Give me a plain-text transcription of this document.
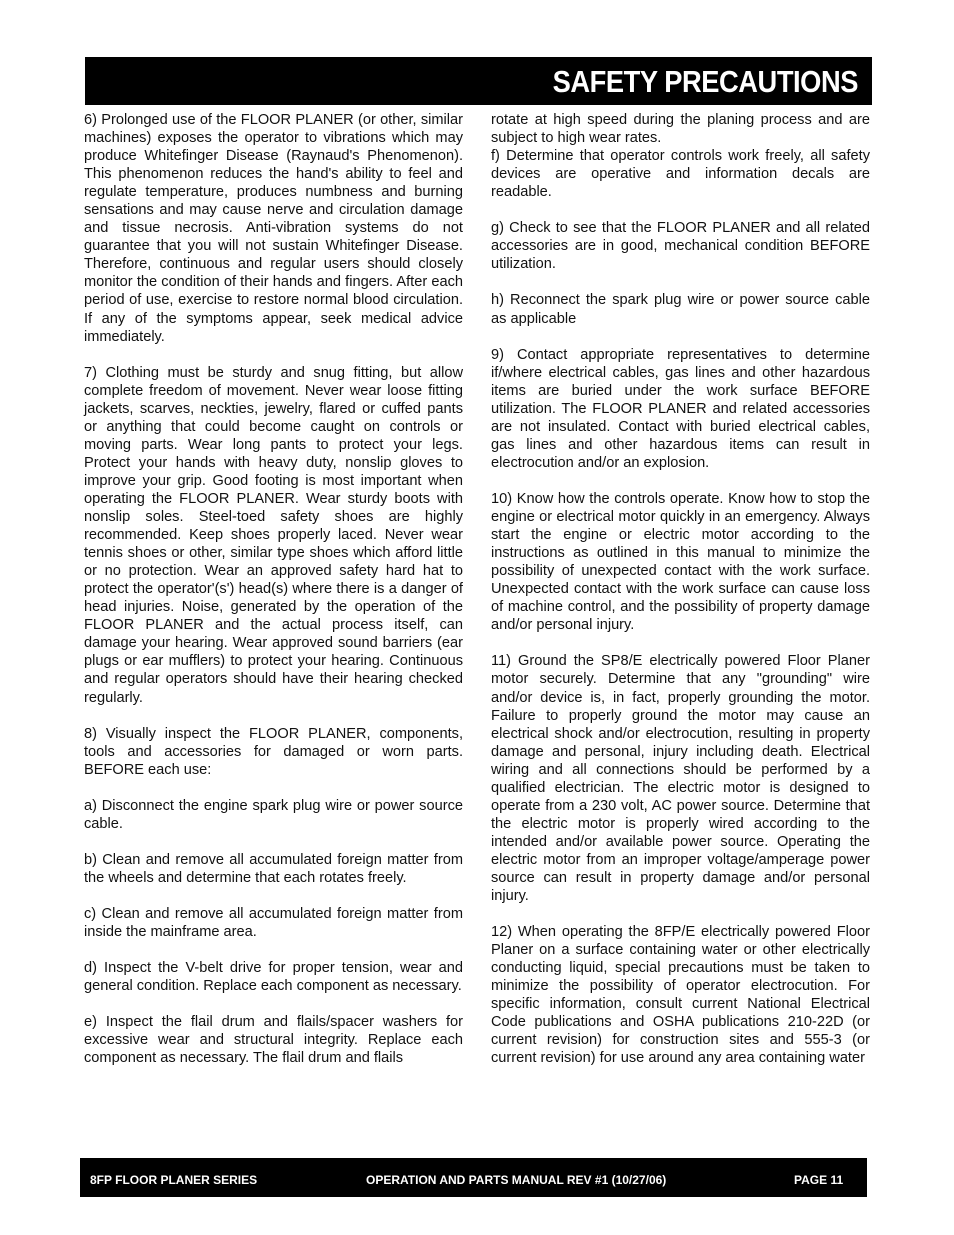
SAFETY PRECAUTIONS

6) Prolonged use of the FLOOR PLANER (or other, similar machines) exposes the operator to vibrations which may produce Whitefinger Disease (Raynaud's Phenomenon). This phenomenon reduces the hand's ability to feel and regulate temperature, produces numbness and burning sensations and may cause nerve and circulation damage and tissue necrosis. Anti-vibration systems do not guarantee that you will not sustain Whitefinger Disease. Therefore, continuous and regular users should closely monitor the condition of their hands and fingers. After each period of use, exercise to restore normal blood circulation. If any of the symptoms appear, seek medical advice immediately.

7) Clothing must be sturdy and snug fitting, but allow complete freedom of movement. Never wear loose fitting jackets, scarves, neckties, jewelry, flared or cuffed pants or anything that could become caught on controls or moving parts. Wear long pants to protect your legs. Protect your hands with heavy duty, nonslip gloves to improve your grip. Good footing is most important when operating the FLOOR PLANER. Wear sturdy boots with nonslip soles. Steel-toed safety shoes are highly recommended. Keep shoes properly laced. Never wear tennis shoes or other, similar type shoes which afford little or no protection. Wear an approved safety hard hat to protect the operator'(s') head(s) where there is a danger of head injuries. Noise, generated by the operation of the FLOOR PLANER and the actual process itself, can damage your hearing. Wear approved sound barriers (ear plugs or ear mufflers) to protect your hearing. Continuous and regular operators should have their hearing checked regularly.

8) Visually inspect the FLOOR PLANER, components, tools and accessories for damaged or worn parts. BEFORE each use:

a) Disconnect the engine spark plug wire or power source cable.

b) Clean and remove all accumulated foreign matter from the wheels and determine that each rotates freely.

c) Clean and remove all accumulated foreign matter from inside the mainframe area.

d) Inspect the V-belt drive for proper tension, wear and general condition. Replace each component as necessary.

e) Inspect the flail drum and flails/spacer washers for excessive wear and structural integrity. Replace each component as necessary. The flail drum and flails

rotate at high speed during the planing process and are subject to high wear rates.

f) Determine that operator controls work freely, all safety devices are operative and information decals are readable.

g) Check to see that the FLOOR PLANER and all related accessories are in good, mechanical condition BEFORE utilization.

h) Reconnect the spark plug wire or power source cable as applicable

9) Contact appropriate representatives to determine if/where electrical cables, gas lines and other hazardous items are buried under the work surface BEFORE utilization. The FLOOR PLANER and related accessories are not insulated. Contact with buried electrical cables, gas lines and other hazardous items can result in electrocution and/or an explosion.

10) Know how the controls operate. Know how to stop the engine or electrical motor quickly in an emergency. Always start the engine or electric motor according to the instructions as outlined in this manual to minimize the possibility of unexpected contact with the work surface. Unexpected contact with the work surface can cause loss of machine control, and the possibility of property damage and/or personal injury.

11) Ground the SP8/E electrically powered Floor Planer motor securely. Determine that any "grounding" wire and/or device is, in fact, properly grounding the motor. Failure to properly ground the motor may cause an electrical shock and/or electrocution, resulting in property damage and personal, injury including death. Electrical wiring and all connections should be performed by a qualified electrician. The electric motor is designed to operate from a 230 volt, AC power source. Determine that the electric motor is properly wired according to the intended and/or available power source. Operating the electric motor from an improper voltage/amperage power source can result in property damage and/or personal injury.

12) When operating the 8FP/E electrically powered Floor Planer on a surface containing water or other electrically conducting liquid, special precautions must be taken to minimize the possibility of operator electrocution. For specific information, consult current National Electrical Code publications and OSHA publications 210-22D (or current revision) for construction sites and 555-3 (or current revision) for use around any area containing water

8FP FLOOR PLANER SERIES	OPERATION AND PARTS MANUAL REV #1 (10/27/06)	PAGE 11
